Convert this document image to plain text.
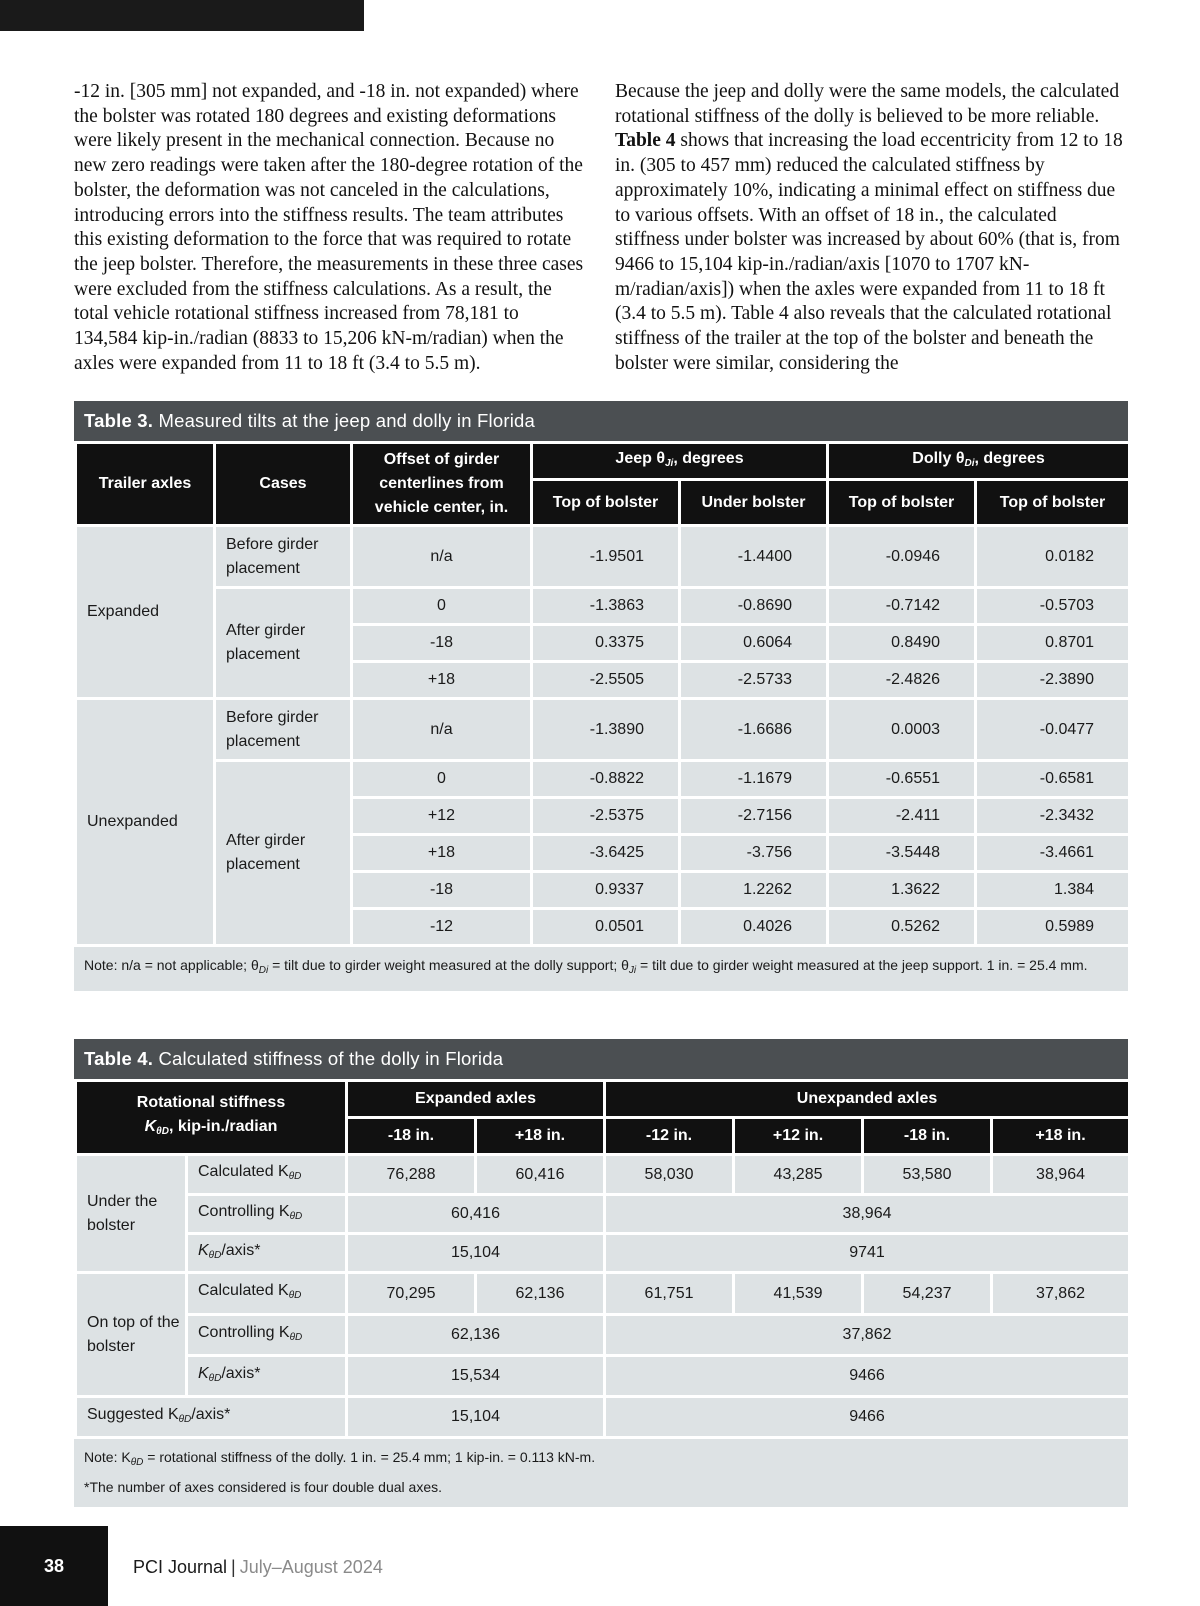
-12 in. [305 mm] not expanded, and -18 in. not expanded) where the bolster was rotated 180 degrees and existing deformations were likely present in the mechanical connection. Because no new zero readings were taken after the 180-degree rotation of the bolster, the deformation was not canceled in the calculations, introducing errors into the stiffness results. The team attributes this existing deformation to the force that was required to rotate the jeep bolster. Therefore, the measurements in these three cases were excluded from the stiffness calculations. As a result, the total vehicle rotational stiffness increased from 78,181 to 134,584 kip-in./radian (8833 to 15,206 kN-m/radian) when the axles were expanded from 11 to 18 ft (3.4 to 5.5 m).

Because the jeep and dolly were the same models, the calculated rotational stiffness of the dolly is believed to be more reliable. Table 4 shows that increasing the load eccentricity from 12 to 18 in. (305 to 457 mm) reduced the calculated stiffness by approximately 10%, indicating a minimal effect on stiffness due to various offsets. With an offset of 18 in., the calculated stiffness under bolster was increased by about 60% (that is, from 9466 to 15,104 kip-in./radian/axis [1070 to 1707 kN-m/radian/axis]) when the axles were expanded from 11 to 18 ft (3.4 to 5.5 m). Table 4 also reveals that the calculated rotational stiffness of the trailer at the top of the bolster and beneath the bolster were similar, considering the

Table 3. Measured tilts at the jeep and dolly in Florida
Trailer axles	Cases	Offset of girder centerlines from vehicle center, in.	Jeep $\theta_{Ji}$, degrees		Dolly $\theta_{Di}$, degrees	
			Top of bolster	Under bolster	Top of bolster	Top of bolster
Expanded	Before girder placement	n/a	-1.9501	-1.4400	-0.0946	0.0182
	After girder placement	0	-1.3863	-0.8690	-0.7142	-0.5703
		-18	0.3375	0.6064	0.8490	0.8701
		+18	-2.5505	-2.5733	-2.4826	-2.3890
Unexpanded	Before girder placement	n/a	-1.3890	-1.6686	0.0003	-0.0477
	After girder placement	0	-0.8822	-1.1679	-0.6551	-0.6581
		+12	-2.5375	-2.7156	-2.411	-2.3432
		+18	-3.6425	-3.756	-3.5448	-3.4661
		-18	0.9337	1.2262	1.3622	1.384
		-12	0.0501	0.4026	0.5262	0.5989
Note: n/a = not applicable; $\theta_{Di}$ = tilt due to girder weight measured at the dolly support; $\theta_{Ji}$ = tilt due to girder weight measured at the jeep support. 1 in. = 25.4 mm.
Table 4. Calculated stiffness of the dolly in Florida
Rotational stiffness
$K_{\theta D}$, kip-in./radian		Expanded axles		Unexpanded axles			
		-18 in.	+18 in.	-12 in.	+12 in.	-18 in.	+18 in.
Under the bolster	Calculated $K_{\theta D}$	76,288	60,416	58,030	43,285	53,580	38,964
	Controlling $K_{\theta D}$	60,416		38,964			
	$K_{\theta D}/axis*$	15,104		9741			
On top of the bolster	Calculated $K_{\theta D}$	70,295	62,136	61,751	41,539	54,237	37,862
	Controlling $K_{\theta D}$	62,136		37,862			
	$K_{\theta D}/axis*$	15,534		9466			
Suggested $K_{\theta D}/axis*$		15,104		9466			
Note: $K_{\theta D}$ = rotational stiffness of the dolly. 1 in. = 25.4 mm; 1 kip-in. = 0.113 kN-m.
*The number of axes considered is four double dual axes.
38	PCI Journal | July–August 2024
